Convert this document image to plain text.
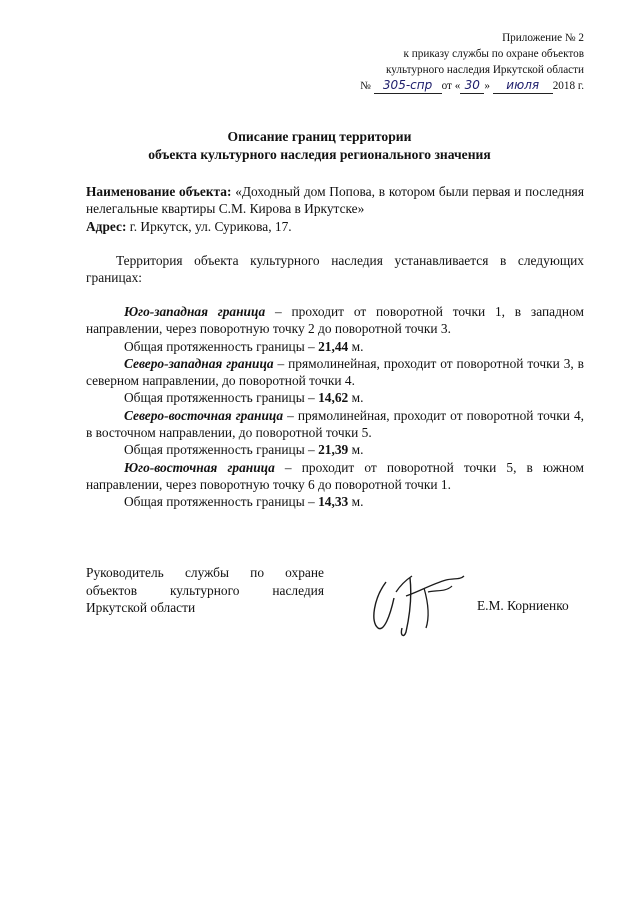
Приложение № 2
к приказу службы по охране объектов
культурного наследия Иркутской области
№ 305-спр от « 30 » июля 2018 г.
Описание границ территории
объекта культурного наследия регионального значения
Наименование объекта: «Доходный дом Попова, в котором были первая и последняя нелегальные квартиры С.М. Кирова в Иркутске»
Адрес: г. Иркутск, ул. Сурикова, 17.
Территория объекта культурного наследия устанавливается в следующих границах:
Юго-западная граница – проходит от поворотной точки 1, в западном направлении, через поворотную точку 2 до поворотной точки 3.
Общая протяженность границы – 21,44 м.
Северо-западная граница – прямолинейная, проходит от поворотной точки 3, в северном направлении, до поворотной точки 4.
Общая протяженность границы – 14,62 м.
Северо-восточная граница – прямолинейная, проходит от поворотной точки 4, в восточном направлении, до поворотной точки 5.
Общая протяженность границы – 21,39 м.
Юго-восточная граница – проходит от поворотной точки 5, в южном направлении, через поворотную точку 6 до поворотной точки 1.
Общая протяженность границы – 14,33 м.
Руководитель службы по охране
объектов культурного наследия
Иркутской области	Е.М. Корниенко
